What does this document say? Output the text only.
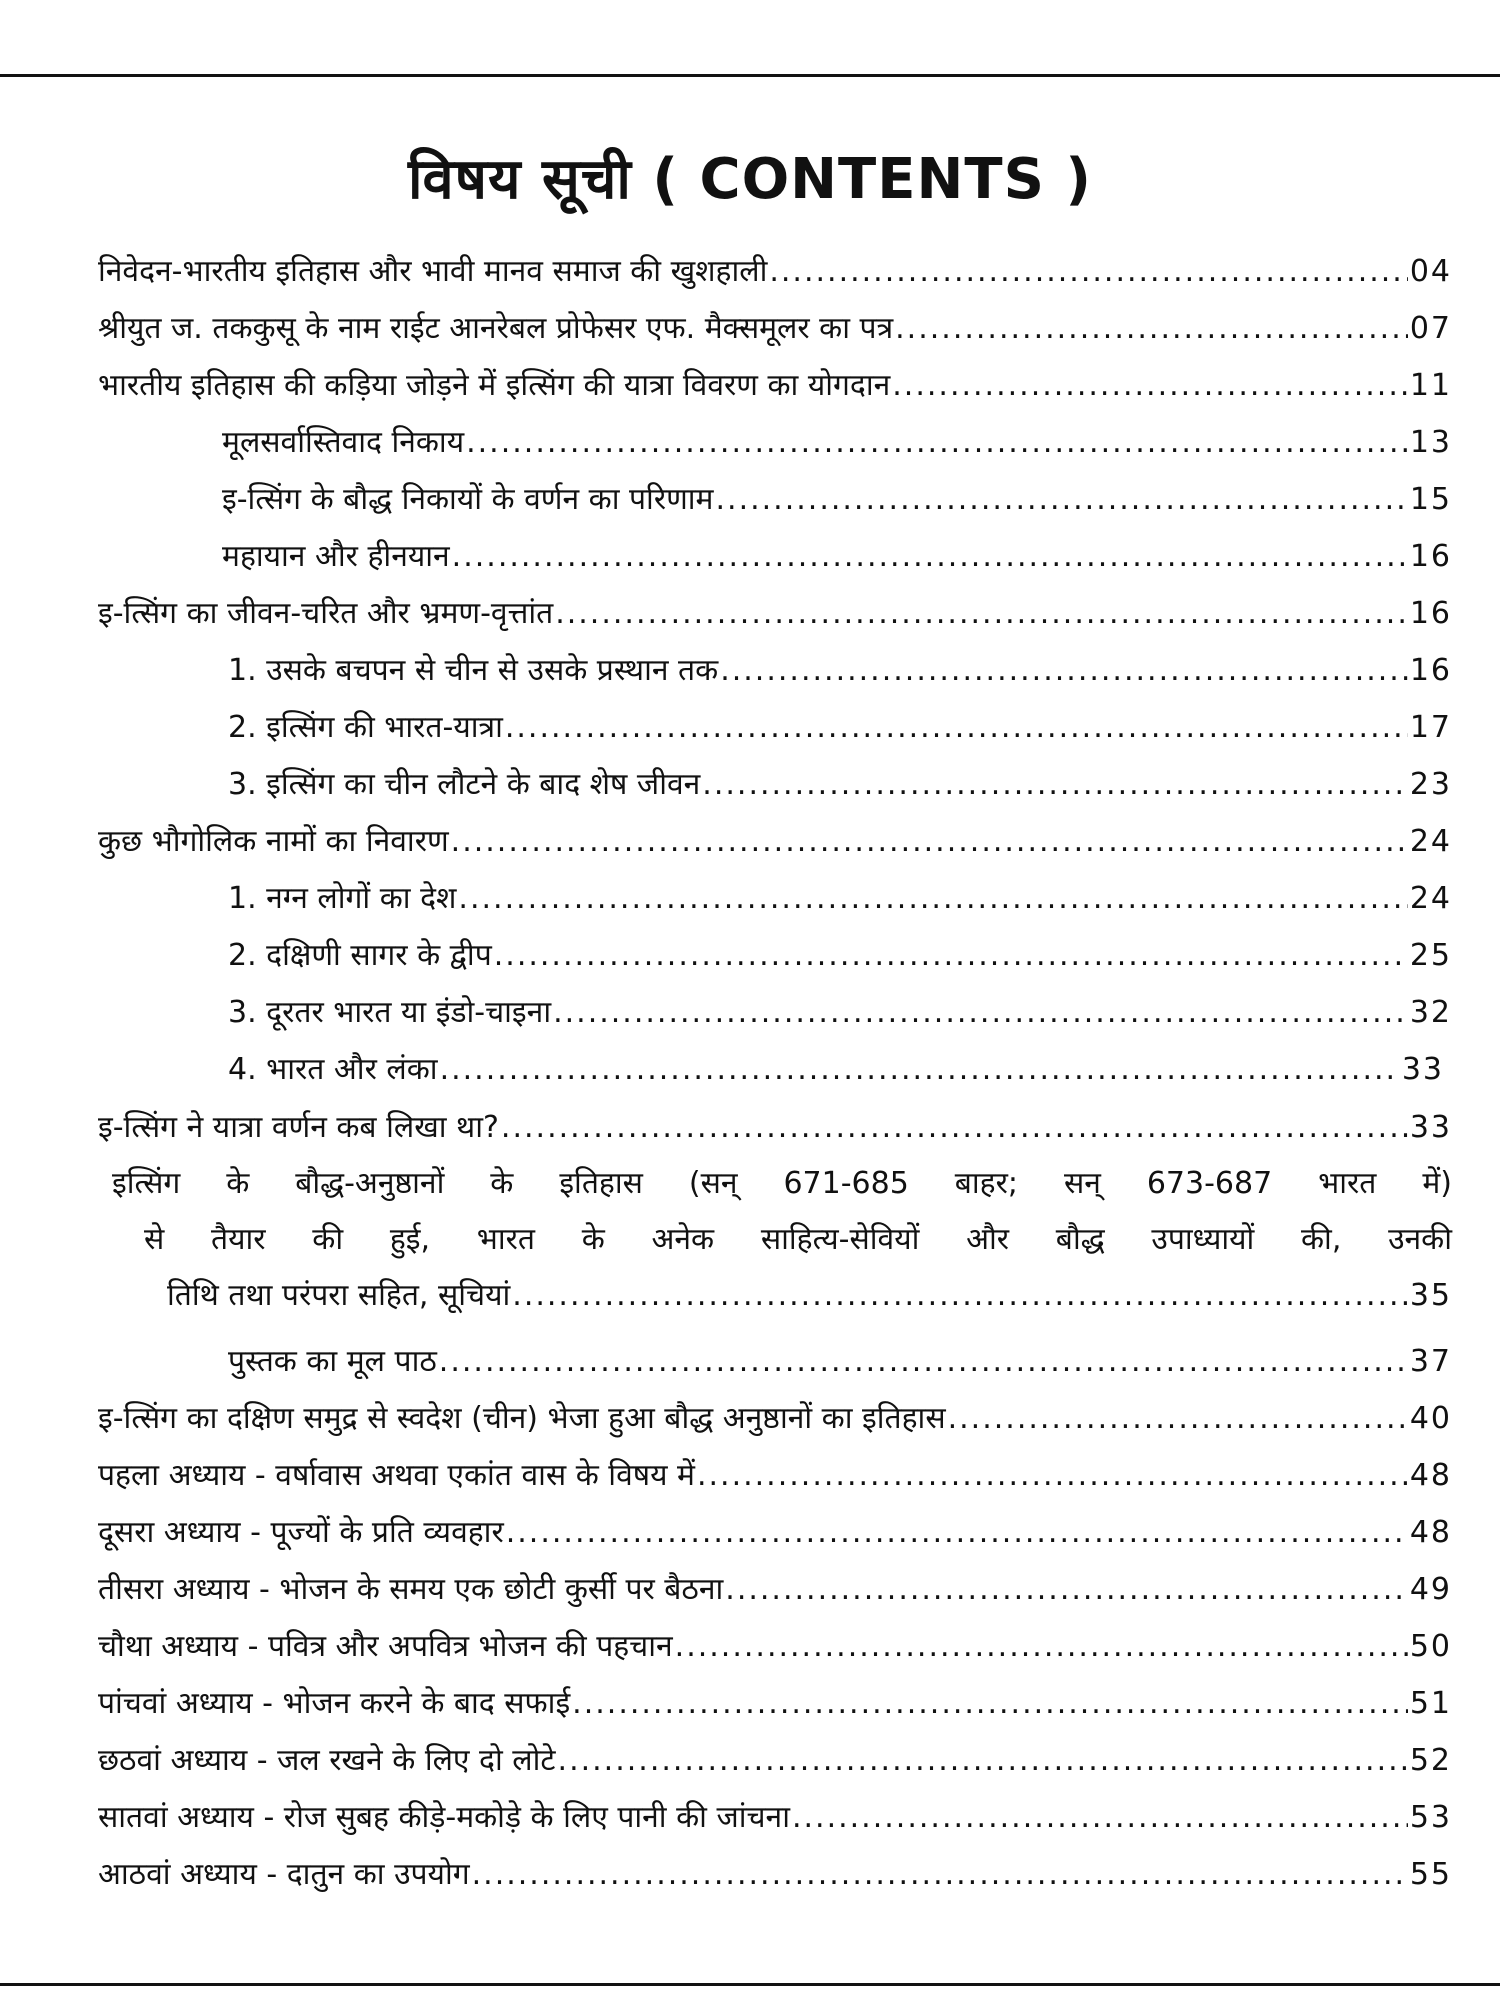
विषय सूची ( CONTENTS )
निवेदन-भारतीय इतिहास और भावी मानव समाज की खुशहाली .....	04
श्रीयुत ज. तककुसू के नाम राईट आनरेबल प्रोफेसर एफ. मैक्समूलर का पत्र .....	07
भारतीय इतिहास की कड़िया जोड़ने में इत्सिंग की यात्रा विवरण का योगदान .....	11
मूलसर्वास्तिवाद निकाय .....	13
इ-त्सिंग के बौद्ध निकायों के वर्णन का परिणाम .....	15
महायान और हीनयान .....	16
इ-त्सिंग का जीवन-चरित और भ्रमण-वृत्तांत .....	16
1. उसके बचपन से चीन से उसके प्रस्थान तक .....	16
2. इत्सिंग की भारत-यात्रा .....	17
3. इत्सिंग का चीन लौटने के बाद शेष जीवन .....	23
कुछ भौगोलिक नामों का निवारण .....	24
1. नग्न लोगों का देश .....	24
2. दक्षिणी सागर के द्वीप .....	25
3. दूरतर भारत या इंडो-चाइना .....	32
4. भारत और लंका .....	33
इ-त्सिंग ने यात्रा वर्णन कब लिखा था? .....	33
इत्सिंग के बौद्ध-अनुष्ठानों के इतिहास (सन् 671-685 बाहर; सन् 673-687 भारत में)
से तैयार की हुई, भारत के अनेक साहित्य-सेवियों और बौद्ध उपाध्यायों की, उनकी
तिथि तथा परंपरा सहित, सूचियां .....	35
पुस्तक का मूल पाठ .....	37
इ-त्सिंग का दक्षिण समुद्र से स्वदेश (चीन) भेजा हुआ बौद्ध अनुष्ठानों का इतिहास .....	40
पहला अध्याय - वर्षावास अथवा एकांत वास के विषय में .....	48
दूसरा अध्याय - पूज्यों के प्रति व्यवहार .....	48
तीसरा अध्याय - भोजन के समय एक छोटी कुर्सी पर बैठना .....	49
चौथा अध्याय - पवित्र और अपवित्र भोजन की पहचान .....	50
पांचवां अध्याय - भोजन करने के बाद सफाई .....	51
छठवां अध्याय - जल रखने के लिए दो लोटे .....	52
सातवां अध्याय - रोज सुबह कीड़े-मकोड़े के लिए पानी की जांचना .....	53
आठवां अध्याय - दातुन का उपयोग .....	55
